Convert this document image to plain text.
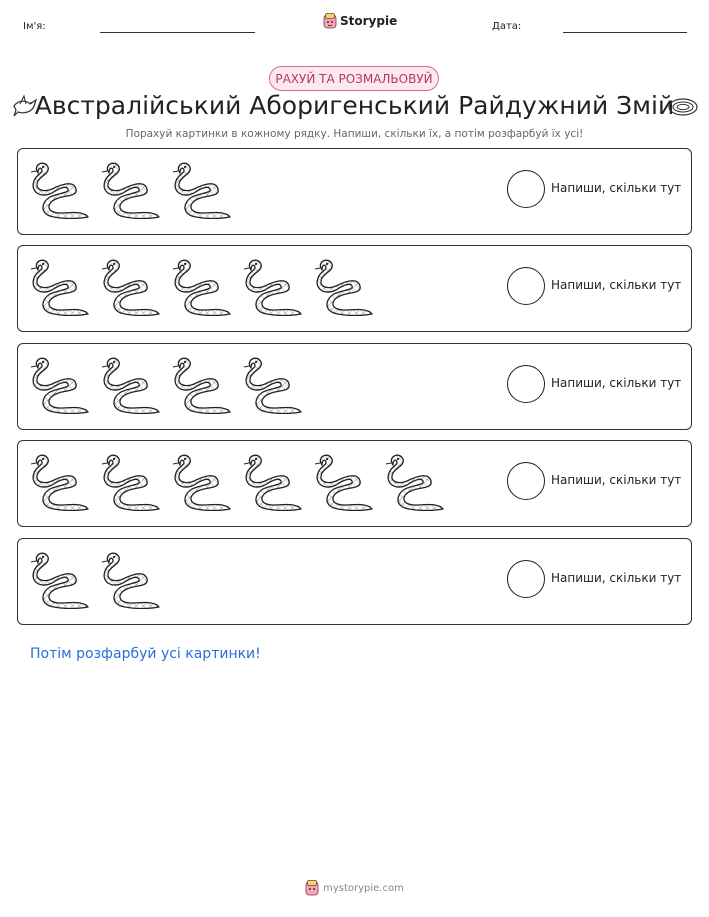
Ім'я:	Storypie	Дата:
РАХУЙ ТА РОЗМАЛЬОВУЙ
Австралійський Аборигенський Райдужний Змій
Порахуй картинки в кожному рядку. Напиши, скільки їх, а потім розфарбуй їх усі!
Напиши, скільки тут
Напиши, скільки тут
Напиши, скільки тут
Напиши, скільки тут
Напиши, скільки тут
Потім розфарбуй усі картинки!
mystorypie.com
